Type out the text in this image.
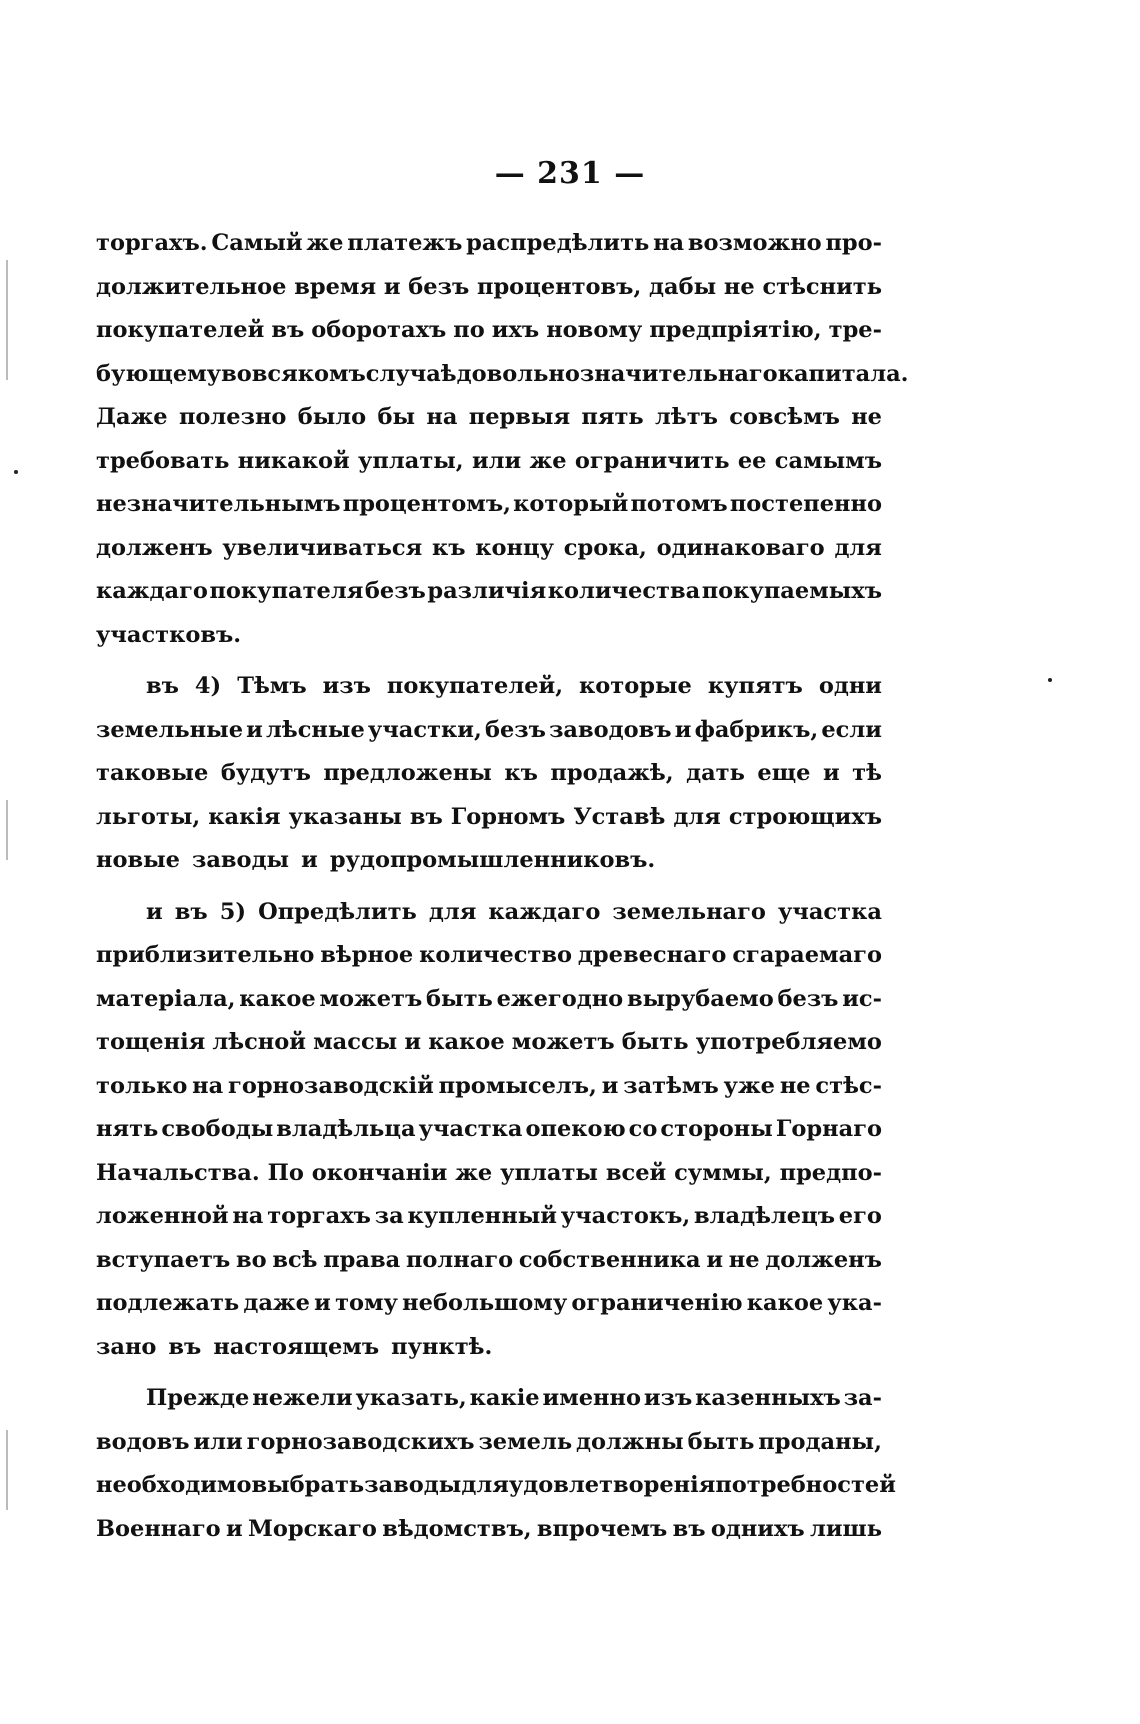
— 231 —
торгахъ. Самый же платежъ распредѣлить на возможно про-
должительное время и безъ процентовъ, дабы не стѣснить
покупателей въ оборотахъ по ихъ новому предпріятію, тре-
бующему во всякомъ случаѣ довольно значительнаго капитала.
Даже полезно было бы на первыя пять лѣтъ совсѣмъ не
требовать никакой уплаты, или же ограничить ее самымъ
незначительнымъ процентомъ, который потомъ постепенно
долженъ увеличиваться къ концу срока, одинаковаго для
каждаго покупателя безъ различія количества покупаемыхъ
участковъ.
въ 4) Тѣмъ изъ покупателей, которые купятъ одни
земельные и лѣсные участки, безъ заводовъ и фабрикъ, если
таковые будутъ предложены къ продажѣ, дать еще и тѣ
льготы, какія указаны въ Горномъ Уставѣ для строющихъ
новые заводы и рудопромышленниковъ.
и въ 5) Опредѣлить для каждаго земельнаго участка
приблизительно вѣрное количество древеснаго сгараемаго
матеріала, какое можетъ быть ежегодно вырубаемо безъ ис-
тощенія лѣсной массы и какое можетъ быть употребляемо
только на горнозаводскій промыселъ, и затѣмъ уже не стѣс-
нять свободы владѣльца участка опекою со стороны Горнаго
Начальства. По окончаніи же уплаты всей суммы, предпо-
ложенной на торгахъ за купленный участокъ, владѣлецъ его
вступаетъ во всѣ права полнаго собственника и не долженъ
подлежать даже и тому небольшому ограниченію какое ука-
зано въ настоящемъ пунктѣ.
Прежде нежели указать, какіе именно изъ казенныхъ за-
водовъ или горнозаводскихъ земель должны быть проданы,
необходимо выбрать заводы для удовлетворенія потребностей
Военнаго и Морскаго вѣдомствъ, впрочемъ въ однихъ лишь
